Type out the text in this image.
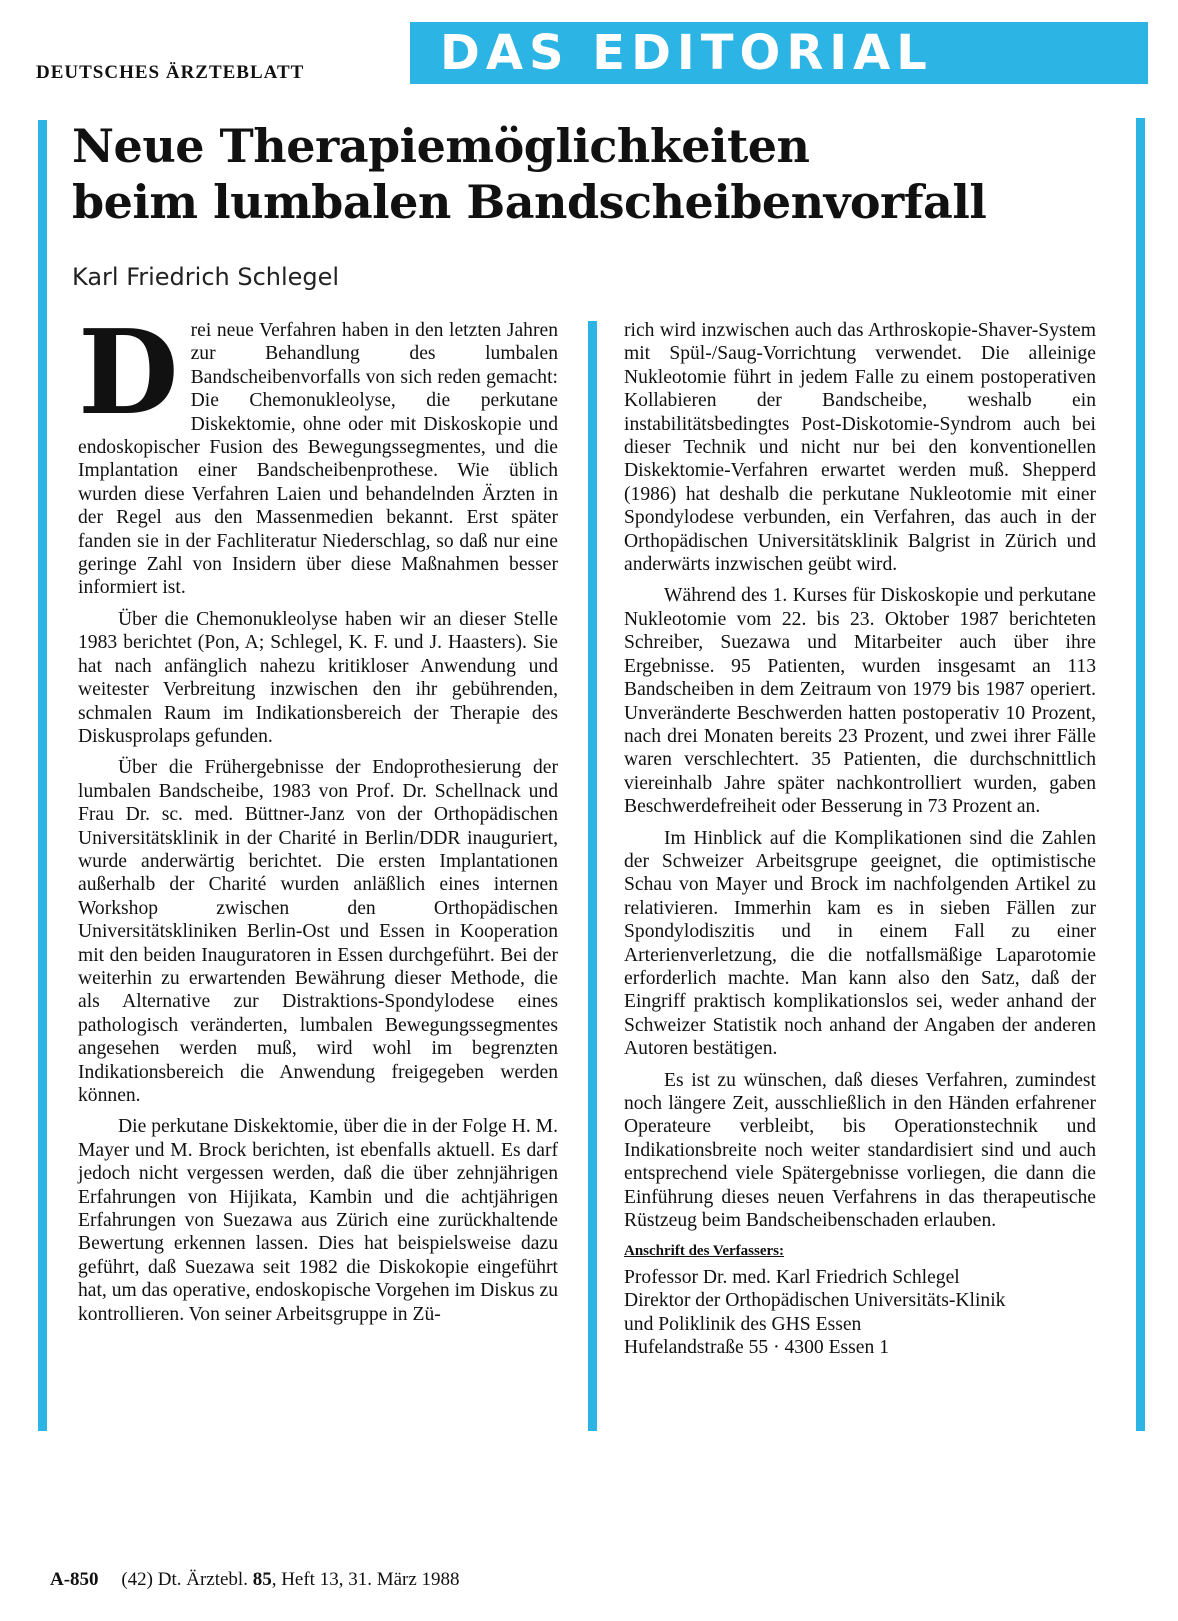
DEUTSCHES ÄRZTEBLATT	DAS EDITORIAL
Neue Therapiemöglichkeiten
beim lumbalen Bandscheibenvorfall
Karl Friedrich Schlegel

Drei neue Verfahren haben in den letzten Jahren zur Behandlung des lumbalen Bandscheibenvorfalls von sich reden gemacht: Die Chemonukleolyse, die perkutane Diskektomie, ohne oder mit Diskoskopie und endoskopischer Fusion des Bewegungssegmentes, und die Implantation einer Bandscheibenprothese. Wie üblich wurden diese Verfahren Laien und behandelnden Ärzten in der Regel aus den Massenmedien bekannt. Erst später fanden sie in der Fachliteratur Niederschlag, so daß nur eine geringe Zahl von Insidern über diese Maßnahmen besser informiert ist.

Über die Chemonukleolyse haben wir an dieser Stelle 1983 berichtet (Pon, A; Schlegel, K. F. und J. Haasters). Sie hat nach anfänglich nahezu kritikloser Anwendung und weitester Verbreitung inzwischen den ihr gebührenden, schmalen Raum im Indikationsbereich der Therapie des Diskusprolaps gefunden.

Über die Frühergebnisse der Endoprothesierung der lumbalen Bandscheibe, 1983 von Prof. Dr. Schellnack und Frau Dr. sc. med. Büttner-Janz von der Orthopädischen Universitätsklinik in der Charité in Berlin/DDR inauguriert, wurde anderwärtig berichtet. Die ersten Implantationen außerhalb der Charité wurden anläßlich eines internen Workshop zwischen den Orthopädischen Universitätskliniken Berlin-Ost und Essen in Kooperation mit den beiden Inauguratoren in Essen durchgeführt. Bei der weiterhin zu erwartenden Bewährung dieser Methode, die als Alternative zur Distraktions-Spondylodese eines pathologisch veränderten, lumbalen Bewegungssegmentes angesehen werden muß, wird wohl im begrenzten Indikationsbereich die Anwendung freigegeben werden können.

Die perkutane Diskektomie, über die in der Folge H. M. Mayer und M. Brock berichten, ist ebenfalls aktuell. Es darf jedoch nicht vergessen werden, daß die über zehnjährigen Erfahrungen von Hijikata, Kambin und die achtjährigen Erfahrungen von Suezawa aus Zürich eine zurückhaltende Bewertung erkennen lassen. Dies hat beispielsweise dazu geführt, daß Suezawa seit 1982 die Diskokopie eingeführt hat, um das operative, endoskopische Vorgehen im Diskus zu kontrollieren. Von seiner Arbeitsgruppe in Zü-

rich wird inzwischen auch das Arthroskopie-Shaver-System mit Spül-/Saug-Vorrichtung verwendet. Die alleinige Nukleotomie führt in jedem Falle zu einem postoperativen Kollabieren der Bandscheibe, weshalb ein instabilitätsbedingtes Post-Diskotomie-Syndrom auch bei dieser Technik und nicht nur bei den konventionellen Diskektomie-Verfahren erwartet werden muß. Shepperd (1986) hat deshalb die perkutane Nukleotomie mit einer Spondylodese verbunden, ein Verfahren, das auch in der Orthopädischen Universitätsklinik Balgrist in Zürich und anderwärts inzwischen geübt wird.

Während des 1. Kurses für Diskoskopie und perkutane Nukleotomie vom 22. bis 23. Oktober 1987 berichteten Schreiber, Suezawa und Mitarbeiter auch über ihre Ergebnisse. 95 Patienten, wurden insgesamt an 113 Bandscheiben in dem Zeitraum von 1979 bis 1987 operiert. Unveränderte Beschwerden hatten postoperativ 10 Prozent, nach drei Monaten bereits 23 Prozent, und zwei ihrer Fälle waren verschlechtert. 35 Patienten, die durchschnittlich viereinhalb Jahre später nachkontrolliert wurden, gaben Beschwerdefreiheit oder Besserung in 73 Prozent an.

Im Hinblick auf die Komplikationen sind die Zahlen der Schweizer Arbeitsgrupe geeignet, die optimistische Schau von Mayer und Brock im nachfolgenden Artikel zu relativieren. Immerhin kam es in sieben Fällen zur Spondylodiszitis und in einem Fall zu einer Arterienverletzung, die die notfallsmäßige Laparotomie erforderlich machte. Man kann also den Satz, daß der Eingriff praktisch komplikationslos sei, weder anhand der Schweizer Statistik noch anhand der Angaben der anderen Autoren bestätigen.

Es ist zu wünschen, daß dieses Verfahren, zumindest noch längere Zeit, ausschließlich in den Händen erfahrener Operateure verbleibt, bis Operationstechnik und Indikationsbreite noch weiter standardisiert sind und auch entsprechend viele Spätergebnisse vorliegen, die dann die Einführung dieses neuen Verfahrens in das therapeutische Rüstzeug beim Bandscheibenschaden erlauben.

Anschrift des Verfassers:
Professor Dr. med. Karl Friedrich Schlegel
Direktor der Orthopädischen Universitäts-Klinik
und Poliklinik des GHS Essen
Hufelandstraße 55 · 4300 Essen 1
A-850 (42) Dt. Ärztebl. 85, Heft 13, 31. März 1988
